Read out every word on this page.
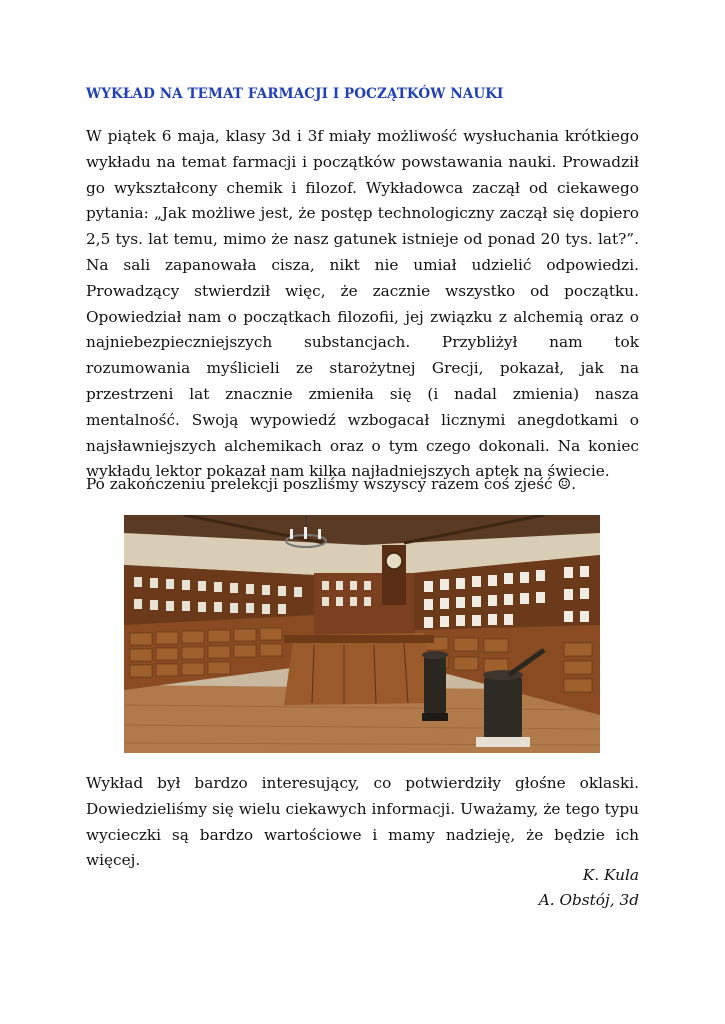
WYKŁAD NA TEMAT FARMACJI I POCZĄTKÓW NAUKI

W piątek 6 maja, klasy 3d i 3f miały możliwość wysłuchania krótkiego wykładu na temat farmacji i początków powstawania nauki. Prowadził go wykształcony chemik i filozof. Wykładowca zaczął od ciekawego pytania: „Jak możliwe jest, że postęp technologiczny zaczął się dopiero 2,5 tys. lat temu, mimo że nasz gatunek istnieje od ponad 20 tys. lat?”. Na sali zapanowała cisza, nikt nie umiał udzielić odpowiedzi. Prowadzący stwierdził więc, że zacznie wszystko od początku. Opowiedział nam o początkach filozofii, jej związku z alchemią oraz o najniebezpieczniejszych substancjach. Przybliżył nam tok rozumowania myślicieli ze starożytnej Grecji, pokazał, jak na przestrzeni lat znacznie zmieniła się (i nadal zmienia) nasza mentalność. Swoją wypowiedź wzbogacał licznymi anegdotkami o najsławniejszych alchemikach oraz o tym czego dokonali. Na koniec wykładu lektor pokazał nam kilka najładniejszych aptek na świecie.

Po zakończeniu prelekcji poszliśmy wszyscy razem coś zjeść ☺.

Wykład był bardzo interesujący, co potwierdziły głośne oklaski. Dowiedzieliśmy się wielu ciekawych informacji. Uważamy, że tego typu wycieczki są bardzo wartościowe i mamy nadzieję, że będzie ich więcej.

K. Kula
A. Obstój, 3d
